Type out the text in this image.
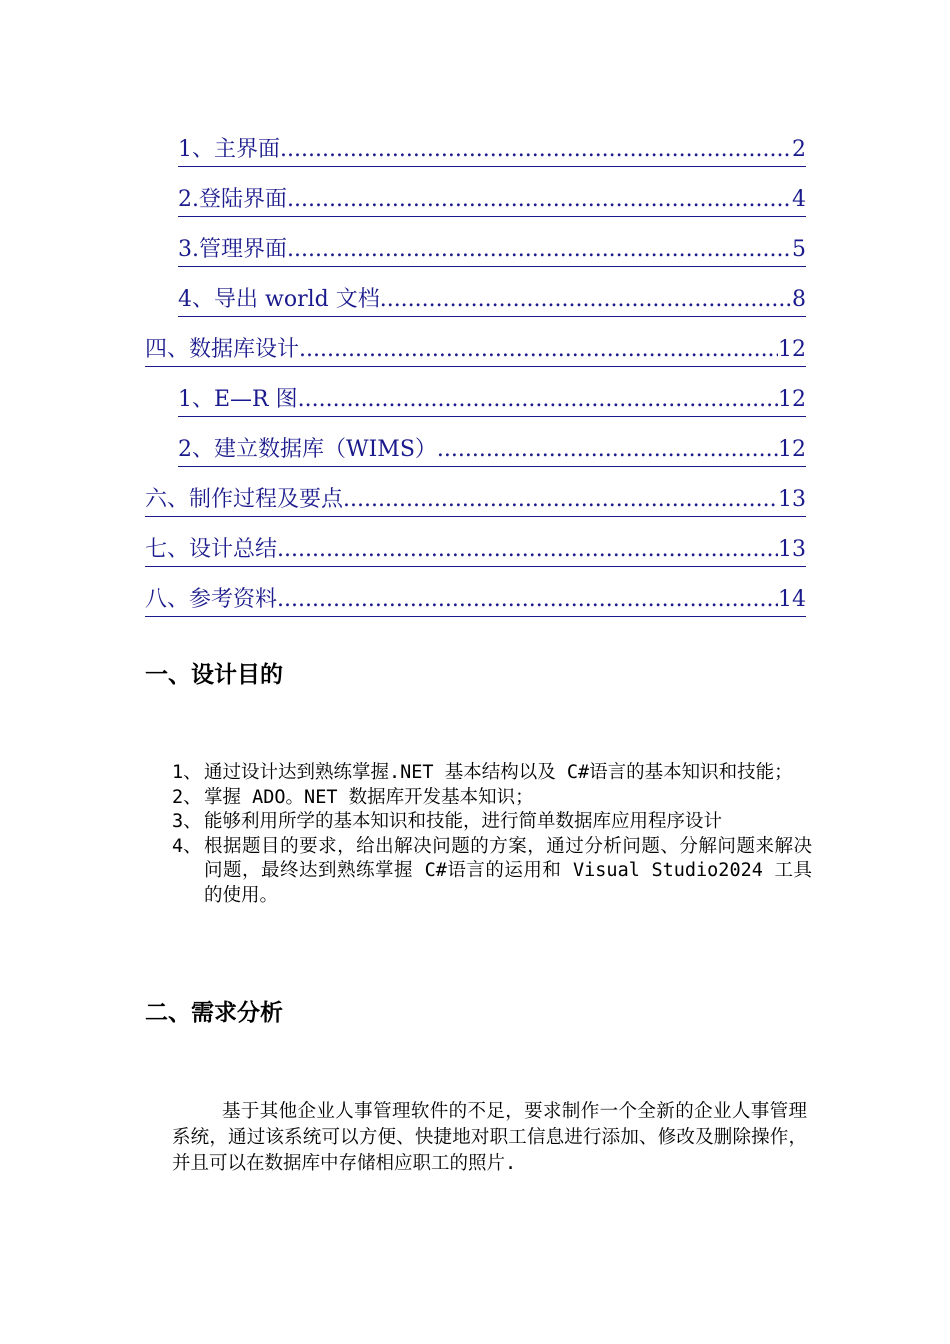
1、主界面 .....	2
2.登陆界面 .....	4
3.管理界面 .....	5
4、导出 world 文档 .....	8
四、数据库设计 .....	12
1、E—R 图 .....	12
2、建立数据库（WIMS） .....	12
六、制作过程及要点 .....	13
七、设计总结 .....	13
八、参考资料 .....	14
一、设计目的
1、 通过设计达到熟练掌握.NET 基本结构以及 C#语言的基本知识和技能；
2、 掌握 ADO。NET 数据库开发基本知识；
3、 能够利用所学的基本知识和技能，进行简单数据库应用程序设计
4、 根据题目的要求，给出解决问题的方案，通过分析问题、分解问题来解决问题，最终达到熟练掌握 C#语言的运用和 Visual Studio2024 工具的使用。
二、需求分析
基于其他企业人事管理软件的不足，要求制作一个全新的企业人事管理系统，通过该系统可以方便、快捷地对职工信息进行添加、修改及删除操作，并且可以在数据库中存储相应职工的照片.
